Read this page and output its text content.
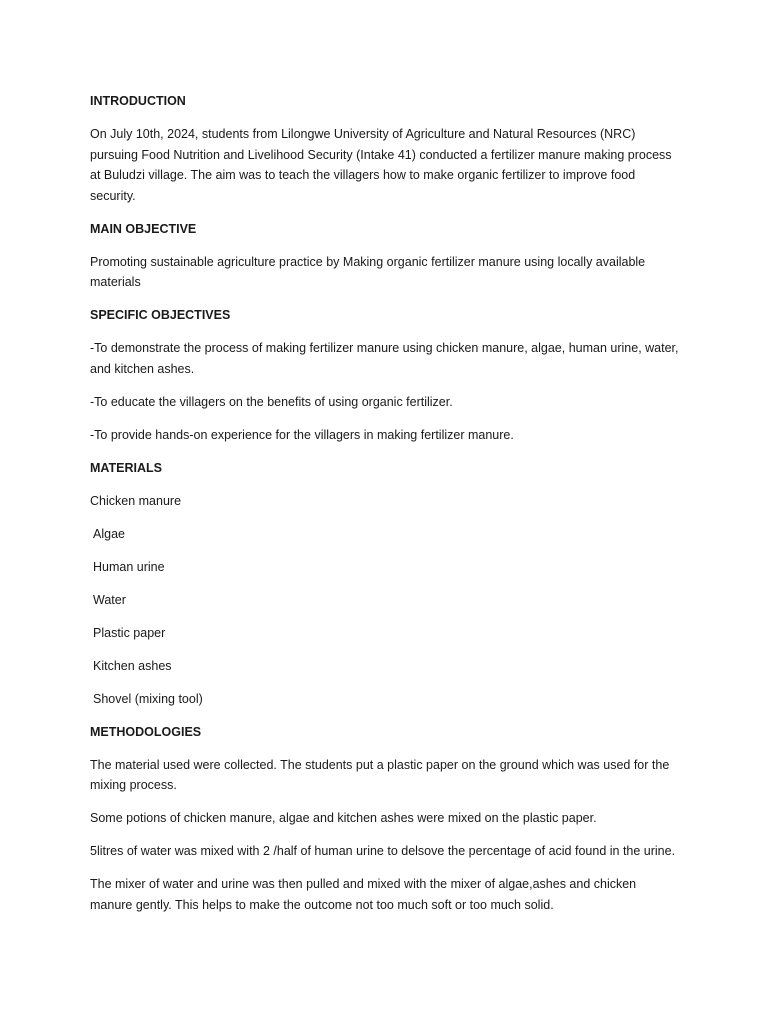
INTRODUCTION
On July 10th, 2024, students from Lilongwe University of Agriculture and Natural Resources (NRC) pursuing Food Nutrition and Livelihood Security (Intake 41) conducted a fertilizer manure making process at Buludzi village. The aim was to teach the villagers how to make organic fertilizer to improve food security.
MAIN OBJECTIVE
Promoting sustainable agriculture practice by Making organic fertilizer manure using locally available materials
SPECIFIC OBJECTIVES
-To demonstrate the process of making fertilizer manure using chicken manure, algae, human urine, water, and kitchen ashes.
-To educate the villagers on the benefits of using organic fertilizer.
-To provide hands-on experience for the villagers in making fertilizer manure.
MATERIALS
Chicken manure
Algae
Human urine
Water
Plastic paper
Kitchen ashes
Shovel (mixing tool)
METHODOLOGIES
The material used were collected. The students put a plastic paper on the ground which was used for the mixing process.
Some potions of chicken manure, algae and kitchen ashes were mixed on the plastic paper.
5litres of water was mixed with 2 /half of human urine to delsove the percentage of acid found in the urine.
The mixer of water and urine was then pulled and mixed with the mixer of algae,ashes and chicken manure gently. This helps to make the outcome not too much soft or too much solid.
